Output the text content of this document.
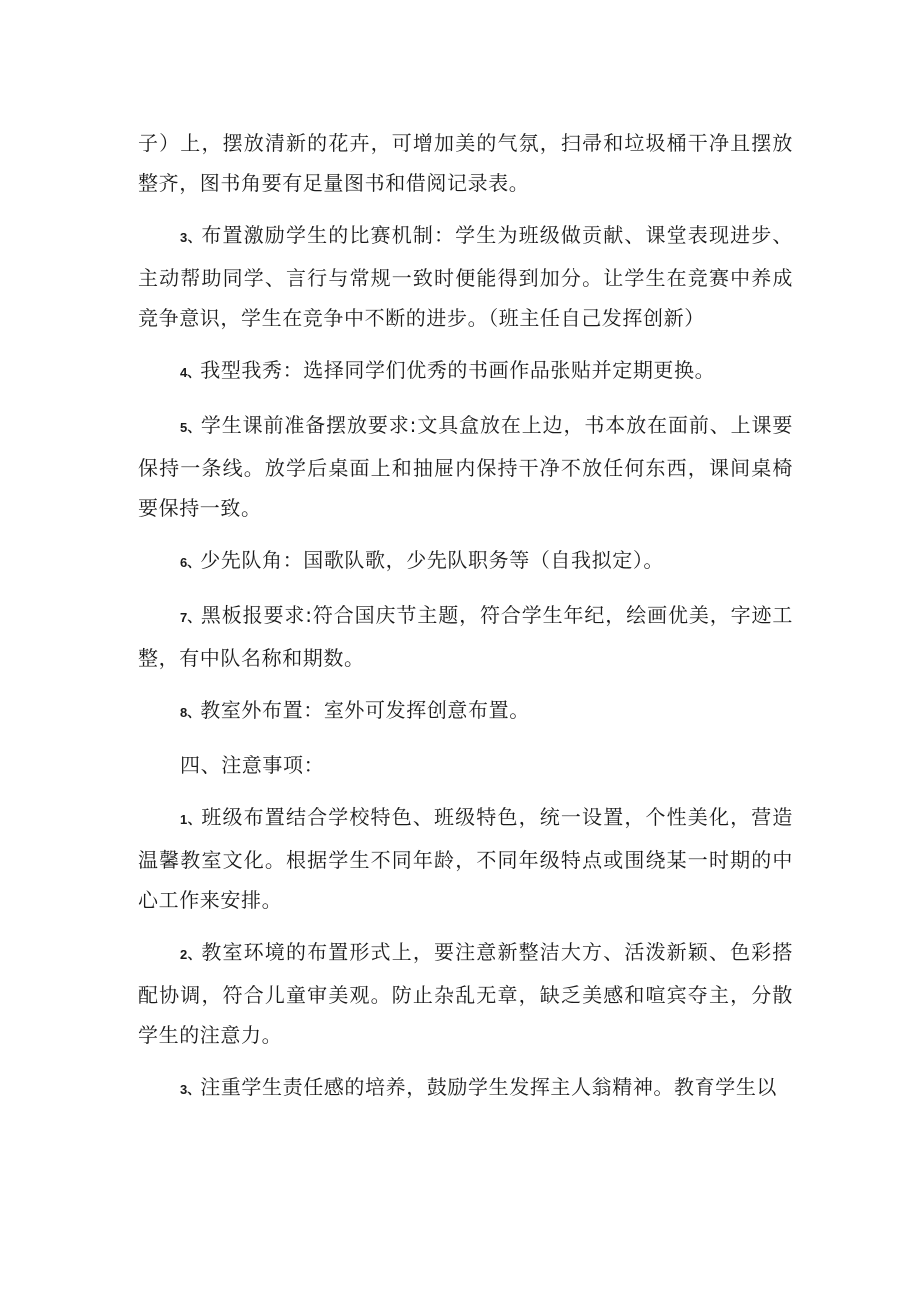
子）上，摆放清新的花卉，可增加美的气氛，扫帚和垃圾桶干净且摆放整齐，图书角要有足量图书和借阅记录表。

3、布置激励学生的比赛机制：学生为班级做贡献、课堂表现进步、主动帮助同学、言行与常规一致时便能得到加分。让学生在竞赛中养成竞争意识，学生在竞争中不断的进步。（班主任自己发挥创新）

4、我型我秀：选择同学们优秀的书画作品张贴并定期更换。

5、学生课前准备摆放要求:文具盒放在上边，书本放在面前、上课要保持一条线。放学后桌面上和抽屉内保持干净不放任何东西，课间桌椅要保持一致。

6、少先队角：国歌队歌，少先队职务等（自我拟定）。

7、黑板报要求:符合国庆节主题，符合学生年纪，绘画优美，字迹工整，有中队名称和期数。

8、教室外布置：室外可发挥创意布置。

四、注意事项：

1、班级布置结合学校特色、班级特色，统一设置，个性美化，营造温馨教室文化。根据学生不同年龄，不同年级特点或围绕某一时期的中心工作来安排。

2、教室环境的布置形式上，要注意新整洁大方、活泼新颖、色彩搭配协调，符合儿童审美观。防止杂乱无章，缺乏美感和喧宾夺主，分散学生的注意力。

3、注重学生责任感的培养，鼓励学生发挥主人翁精神。教育学生以
